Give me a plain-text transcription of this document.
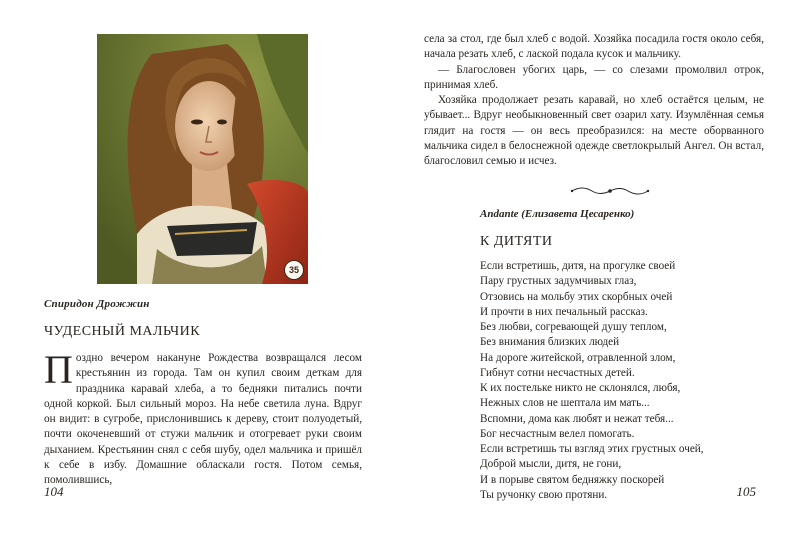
35
Спиридон Дрожжин
ЧУДЕСНЫЙ МАЛЬЧИК
Поздно вечером накануне Рождества возвращался лесом крестьянин из города. Там он купил своим деткам для праздника каравай хлеба, а то бедняки питались почти одной коркой. Был сильный мороз. На небе светила луна. Вдруг он видит: в сугробе, прислонившись к дереву, стоит полуодетый, почти окоченевший от стужи мальчик и отогревает руки своим дыханием. Крестьянин снял с себя шубу, одел мальчика и пришёл к себе в избу. Домашние обласкали гостя. Потом семья, помолившись,
104

села за стол, где был хлеб с водой. Хозяйка посадила гостя около себя, начала резать хлеб, с лаской подала кусок и мальчику.

— Благословен убогих царь, — со слезами промолвил отрок, принимая хлеб.

Хозяйка продолжает резать каравай, но хлеб остаётся целым, не убывает... Вдруг необыкновенный свет озарил хату. Изумлённая семья глядит на гостя — он весь преобразился: на месте оборванного мальчика сидел в белоснежной одежде светлокрылый Ангел. Он встал, благословил семью и исчез.

Andante (Елизавета Цесаренко)
К ДИТЯТИ
Если встретишь, дитя, на прогулке своей
Пару грустных задумчивых глаз,
Отзовись на мольбу этих скорбных очей
И прочти в них печальный рассказ.
Без любви, согревающей душу теплом,
Без внимания близких людей
На дороге житейской, отравленной злом,
Гибнут сотни несчастных детей.
К их постельке никто не склонялся, любя,
Нежных слов не шептала им мать...
Вспомни, дома как любят и нежат тебя...
Бог несчастным велел помогать.
Если встретишь ты взгляд этих грустных очей,
Доброй мысли, дитя, не гони,
И в порыве святом бедняжку поскорей
Ты ручонку свою протяни.	105
